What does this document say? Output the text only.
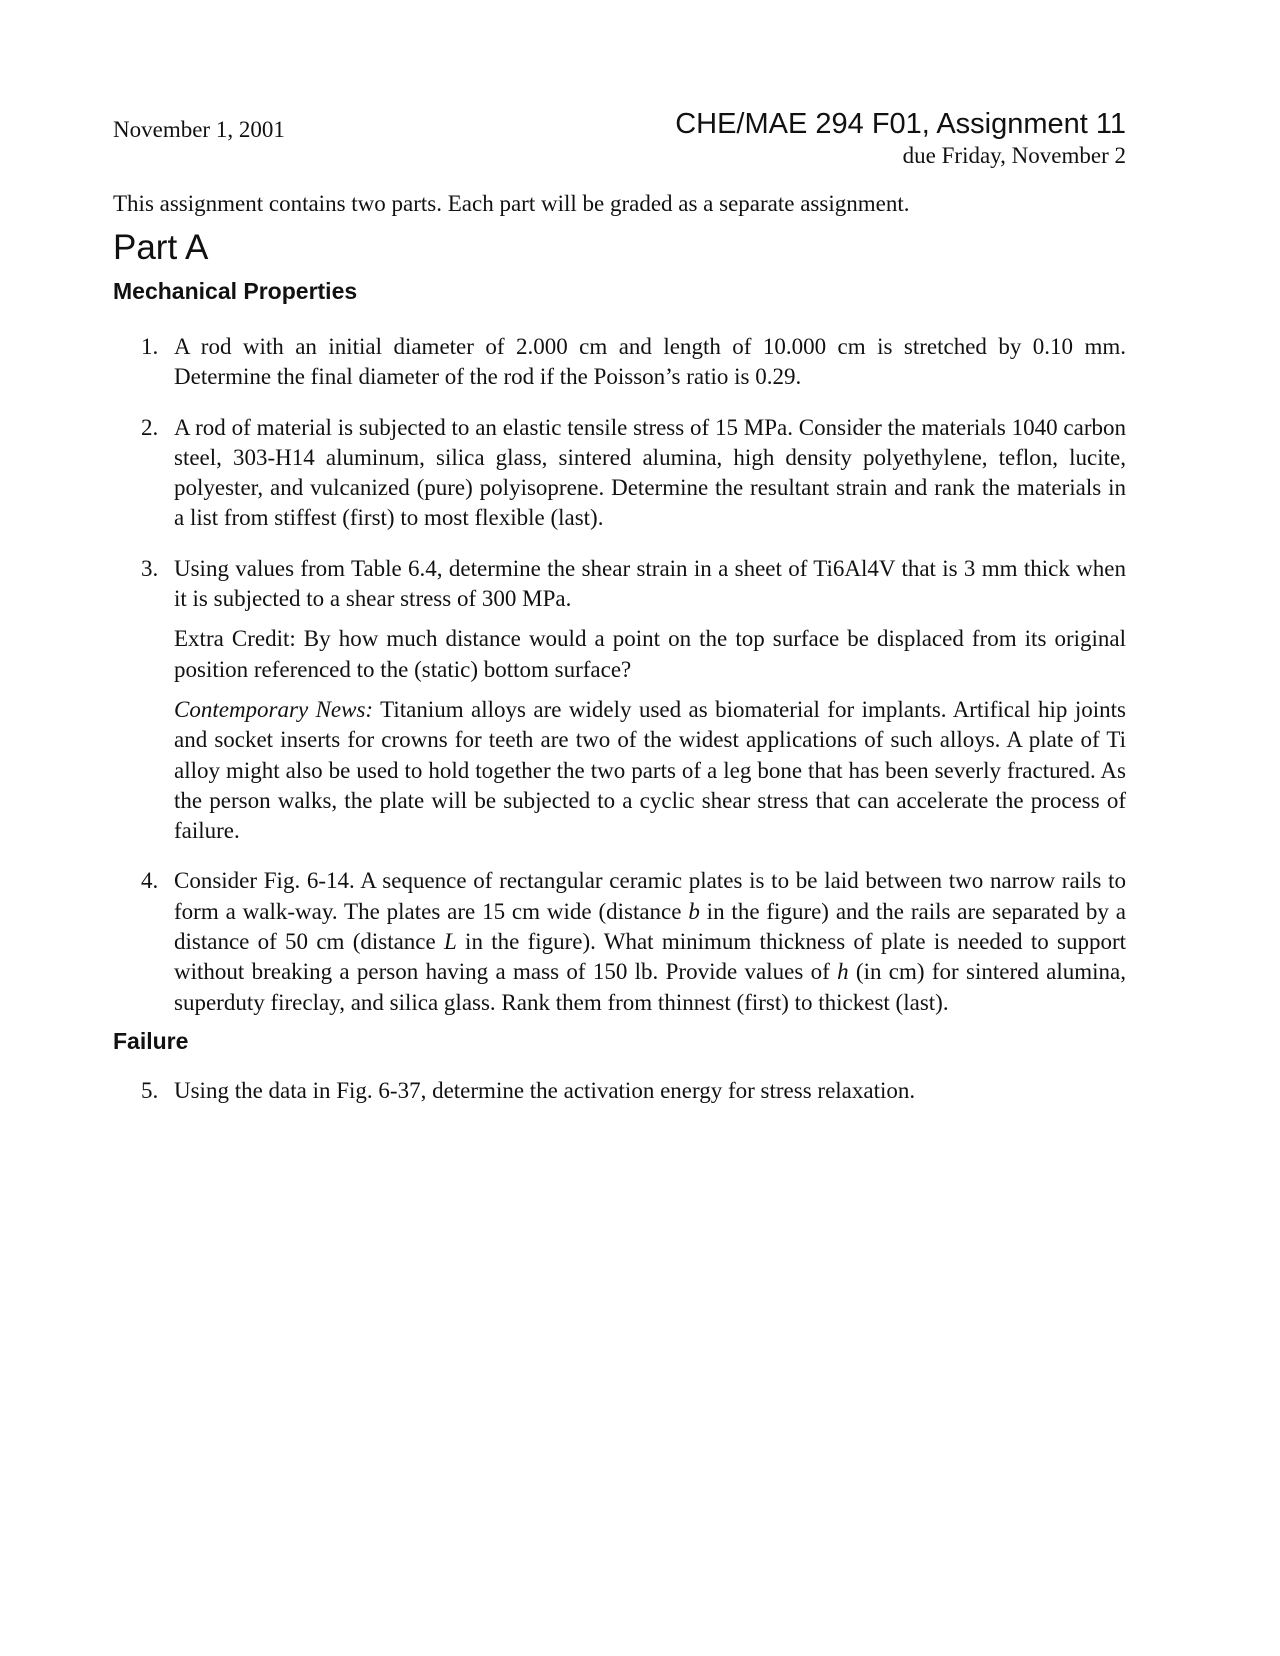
November 1, 2001	CHE/MAE 294 F01, Assignment 11
due Friday, November 2
This assignment contains two parts. Each part will be graded as a separate assignment.
Part A
Mechanical Properties
1. A rod with an initial diameter of 2.000 cm and length of 10.000 cm is stretched by 0.10 mm. Determine the final diameter of the rod if the Poisson’s ratio is 0.29.

2. A rod of material is subjected to an elastic tensile stress of 15 MPa. Consider the materials 1040 carbon steel, 303-H14 aluminum, silica glass, sintered alumina, high density polyethylene, teflon, lucite, polyester, and vulcanized (pure) polyisoprene. Determine the resultant strain and rank the materials in a list from stiffest (first) to most flexible (last).

3. Using values from Table 6.4, determine the shear strain in a sheet of Ti6Al4V that is 3 mm thick when it is subjected to a shear stress of 300 MPa.

Extra Credit: By how much distance would a point on the top surface be displaced from its original position referenced to the (static) bottom surface?

Contemporary News: Titanium alloys are widely used as biomaterial for implants. Artifical hip joints and socket inserts for crowns for teeth are two of the widest applications of such alloys. A plate of Ti alloy might also be used to hold together the two parts of a leg bone that has been severly fractured. As the person walks, the plate will be subjected to a cyclic shear stress that can accelerate the process of failure.

4. Consider Fig. 6-14. A sequence of rectangular ceramic plates is to be laid between two narrow rails to form a walk-way. The plates are 15 cm wide (distance b in the figure) and the rails are separated by a distance of 50 cm (distance L in the figure). What minimum thickness of plate is needed to support without breaking a person having a mass of 150 lb. Provide values of h (in cm) for sintered alumina, superduty fireclay, and silica glass. Rank them from thinnest (first) to thickest (last).

Failure
5. Using the data in Fig. 6-37, determine the activation energy for stress relaxation.
